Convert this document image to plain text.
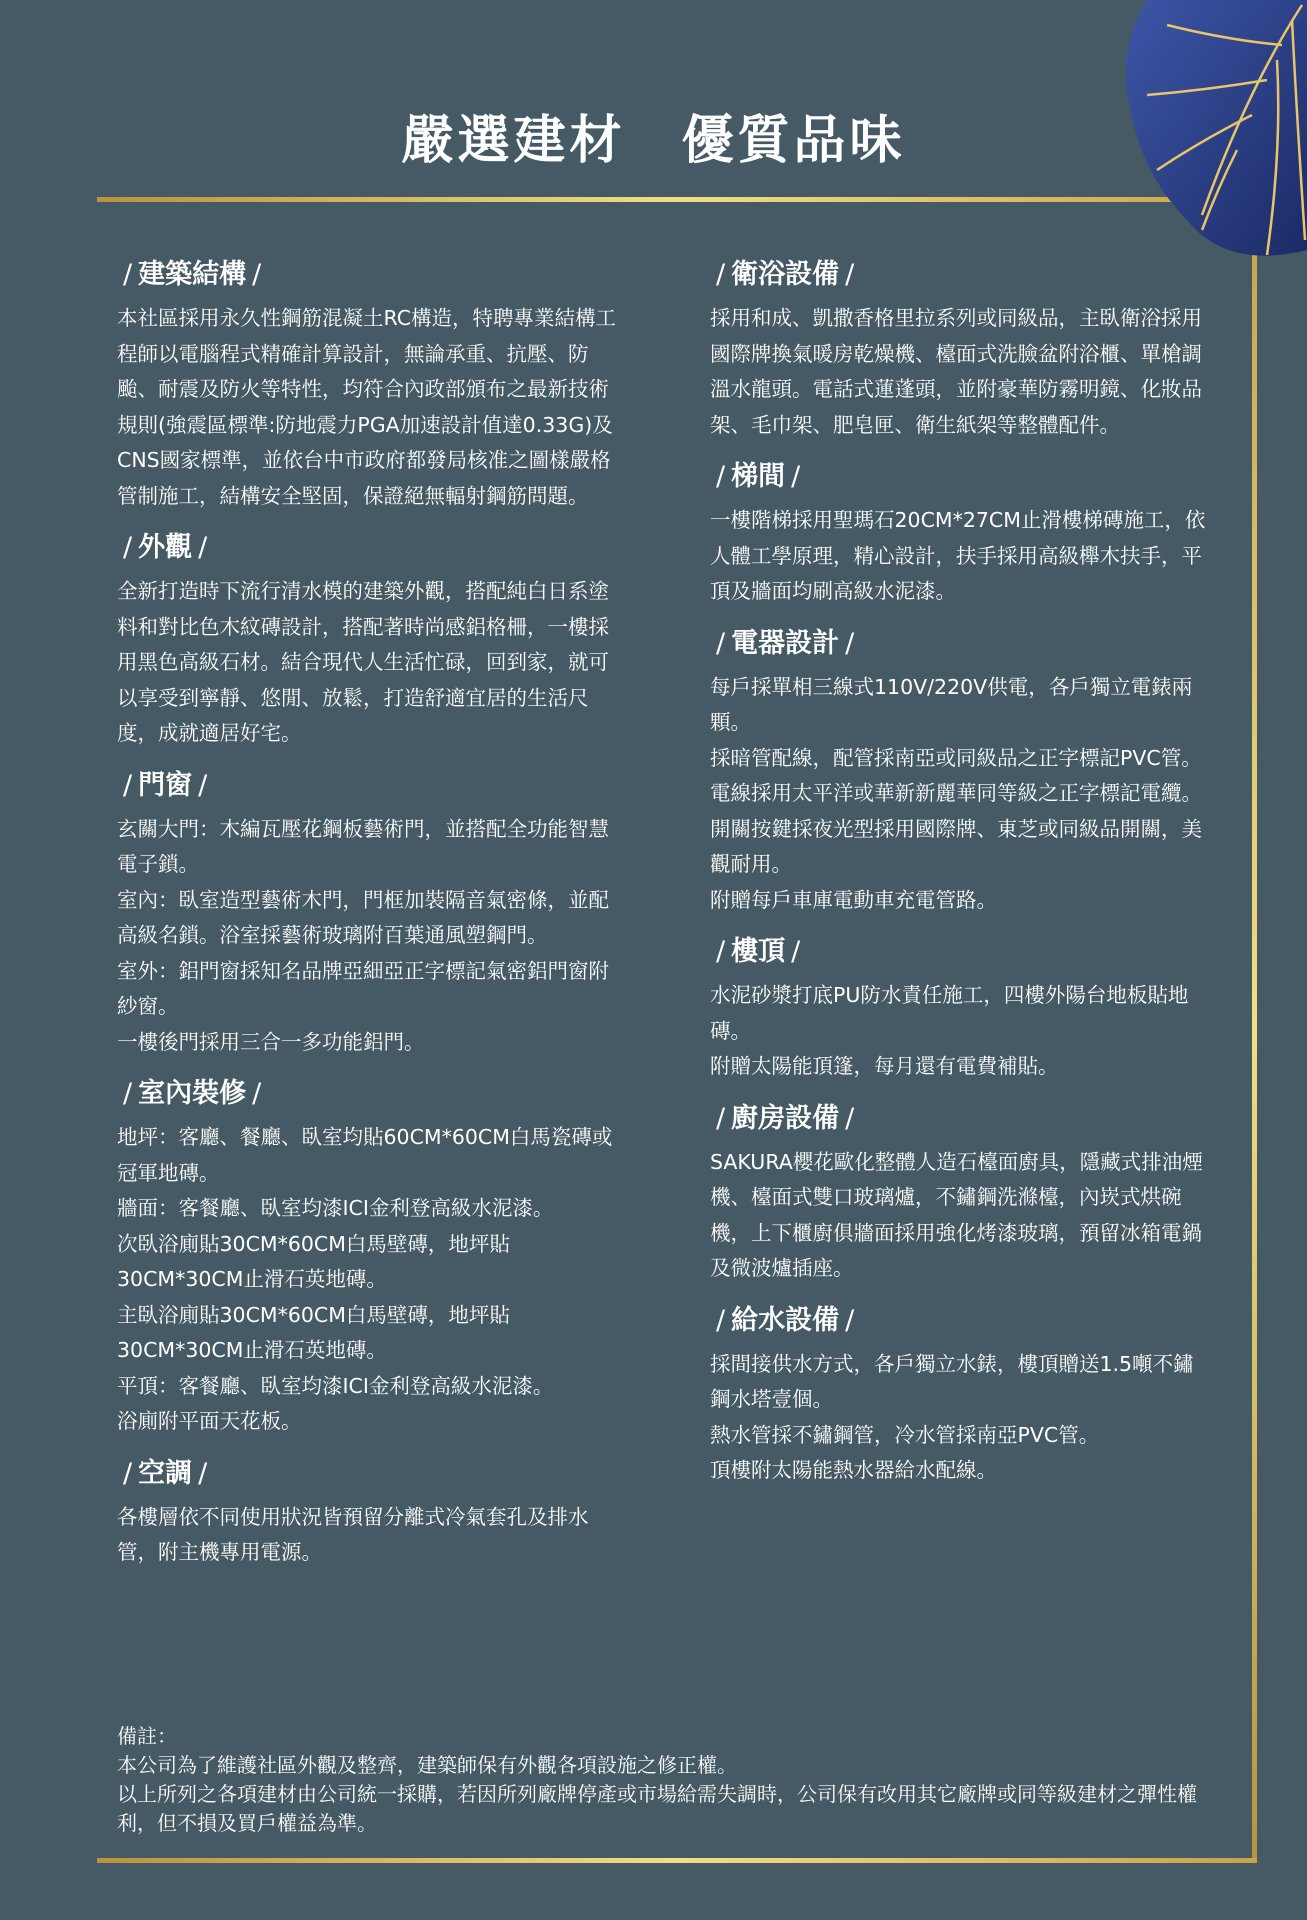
嚴選建材　優質品味
/ 建築結構 /

本社區採用永久性鋼筋混凝土RC構造，特聘專業結構工程師以電腦程式精確計算設計，無論承重、抗壓、防颱、耐震及防火等特性，均符合內政部頒布之最新技術規則(強震區標準:防地震力PGA加速設計值達0.33G)及CNS國家標準，並依台中市政府都發局核准之圖樣嚴格管制施工，結構安全堅固，保證絕無輻射鋼筋問題。

/ 外觀 /

全新打造時下流行清水模的建築外觀，搭配純白日系塗料和對比色木紋磚設計，搭配著時尚感鋁格柵，一樓採用黑色高級石材。結合現代人生活忙碌，回到家，就可以享受到寧靜、悠閒、放鬆，打造舒適宜居的生活尺度，成就適居好宅。

/ 門窗 /

玄關大門：木編瓦壓花鋼板藝術門，並搭配全功能智慧電子鎖。

室內：臥室造型藝術木門，門框加裝隔音氣密條，並配高級名鎖。浴室採藝術玻璃附百葉通風塑鋼門。

室外：鋁門窗採知名品牌亞細亞正字標記氣密鋁門窗附紗窗。

一樓後門採用三合一多功能鋁門。

/ 室內裝修 /

地坪：客廳、餐廳、臥室均貼60CM*60CM白馬瓷磚或冠軍地磚。

牆面：客餐廳、臥室均漆ICI金利登高級水泥漆。

次臥浴廁貼30CM*60CM白馬壁磚，地坪貼30CM*30CM止滑石英地磚。

主臥浴廁貼30CM*60CM白馬壁磚，地坪貼30CM*30CM止滑石英地磚。

平頂：客餐廳、臥室均漆ICI金利登高級水泥漆。

浴廁附平面天花板。

/ 空調 /

各樓層依不同使用狀況皆預留分離式冷氣套孔及排水管，附主機專用電源。

/ 衛浴設備 /

採用和成、凱撒香格里拉系列或同級品，主臥衛浴採用國際牌換氣暖房乾燥機、檯面式洗臉盆附浴櫃、單槍調溫水龍頭。電話式蓮蓬頭，並附豪華防霧明鏡、化妝品架、毛巾架、肥皂匣、衛生紙架等整體配件。

/ 梯間 /

一樓階梯採用聖瑪石20CM*27CM止滑樓梯磚施工，依人體工學原理，精心設計，扶手採用高級櫸木扶手，平頂及牆面均刷高級水泥漆。

/ 電器設計 /

每戶採單相三線式110V/220V供電，各戶獨立電錶兩顆。

採暗管配線，配管採南亞或同級品之正字標記PVC管。電線採用太平洋或華新新麗華同等級之正字標記電纜。

開關按鍵採夜光型採用國際牌、東芝或同級品開關，美觀耐用。

附贈每戶車庫電動車充電管路。

/ 樓頂 /

水泥砂漿打底PU防水責任施工，四樓外陽台地板貼地磚。

附贈太陽能頂篷，每月還有電費補貼。

/ 廚房設備 /

SAKURA櫻花歐化整體人造石檯面廚具，隱藏式排油煙機、檯面式雙口玻璃爐，不鏽鋼洗滌檯，內崁式烘碗機，上下櫃廚俱牆面採用強化烤漆玻璃，預留冰箱電鍋及微波爐插座。

/ 給水設備 /

採間接供水方式，各戶獨立水錶，樓頂贈送1.5噸不鏽鋼水塔壹個。

熱水管採不鏽鋼管，冷水管採南亞PVC管。

頂樓附太陽能熱水器給水配線。

備註：

本公司為了維護社區外觀及整齊，建築師保有外觀各項設施之修正權。

以上所列之各項建材由公司統一採購，若因所列廠牌停產或市場給需失調時，公司保有改用其它廠牌或同等級建材之彈性權利，但不損及買戶權益為準。
